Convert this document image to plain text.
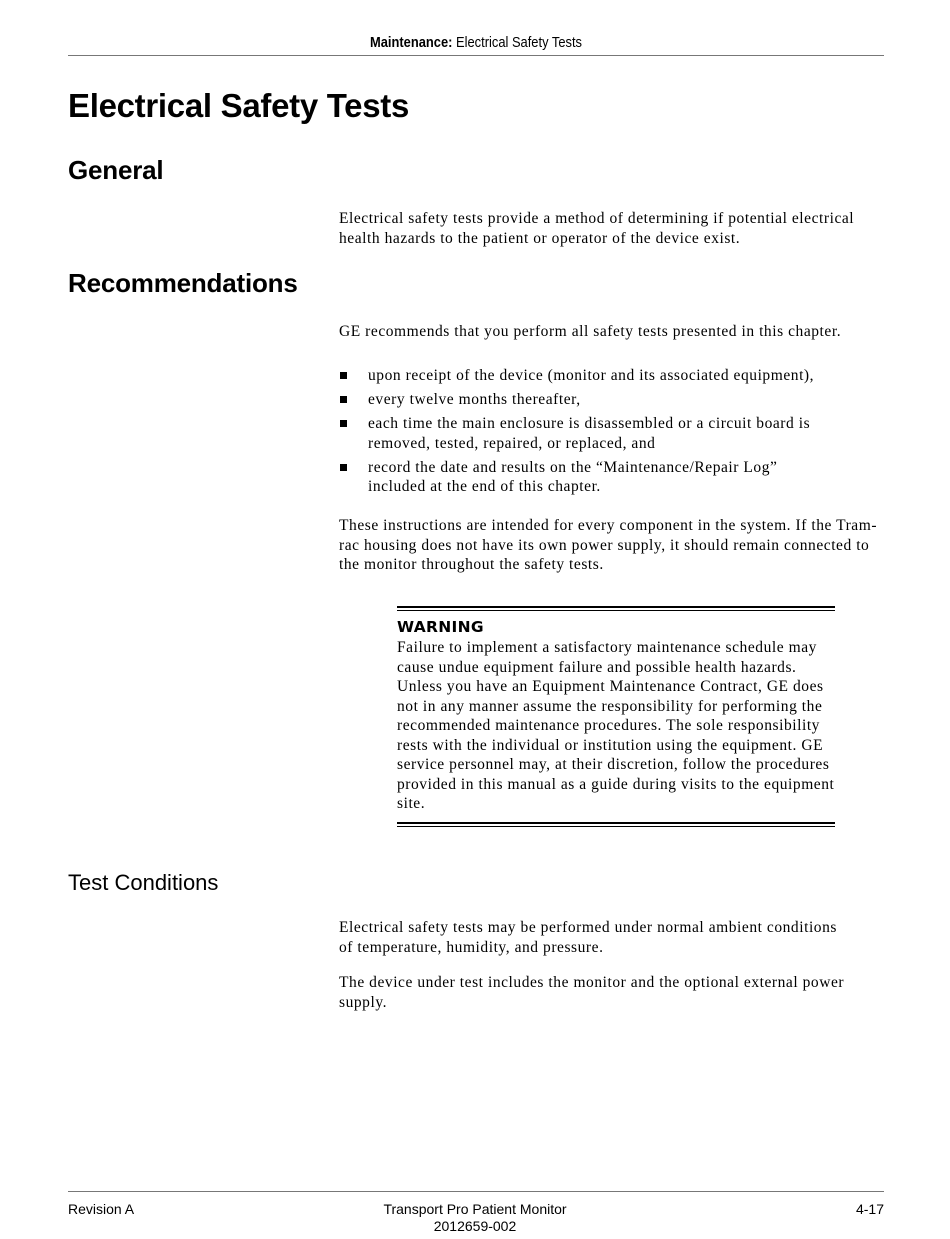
Maintenance: Electrical Safety Tests
Electrical Safety Tests
General

Electrical safety tests provide a method of determining if potential electrical health hazards to the patient or operator of the device exist.

Recommendations

GE recommends that you perform all safety tests presented in this chapter.

upon receipt of the device (monitor and its associated equipment),
every twelve months thereafter,
each time the main enclosure is disassembled or a circuit board is removed, tested, repaired, or replaced, and
record the date and results on the “Maintenance/Repair Log” included at the end of this chapter.

These instructions are intended for every component in the system. If the Tram-rac housing does not have its own power supply, it should remain connected to the monitor throughout the safety tests.

WARNING
Failure to implement a satisfactory maintenance schedule may cause undue equipment failure and possible health hazards. Unless you have an Equipment Maintenance Contract, GE does not in any manner assume the responsibility for performing the recommended maintenance procedures. The sole responsibility rests with the individual or institution using the equipment. GE service personnel may, at their discretion, follow the procedures provided in this manual as a guide during visits to the equipment site.
Test Conditions

Electrical safety tests may be performed under normal ambient conditions of temperature, humidity, and pressure.

The device under test includes the monitor and the optional external power supply.

Revision A	Transport Pro Patient Monitor
2012659-002
4-17
